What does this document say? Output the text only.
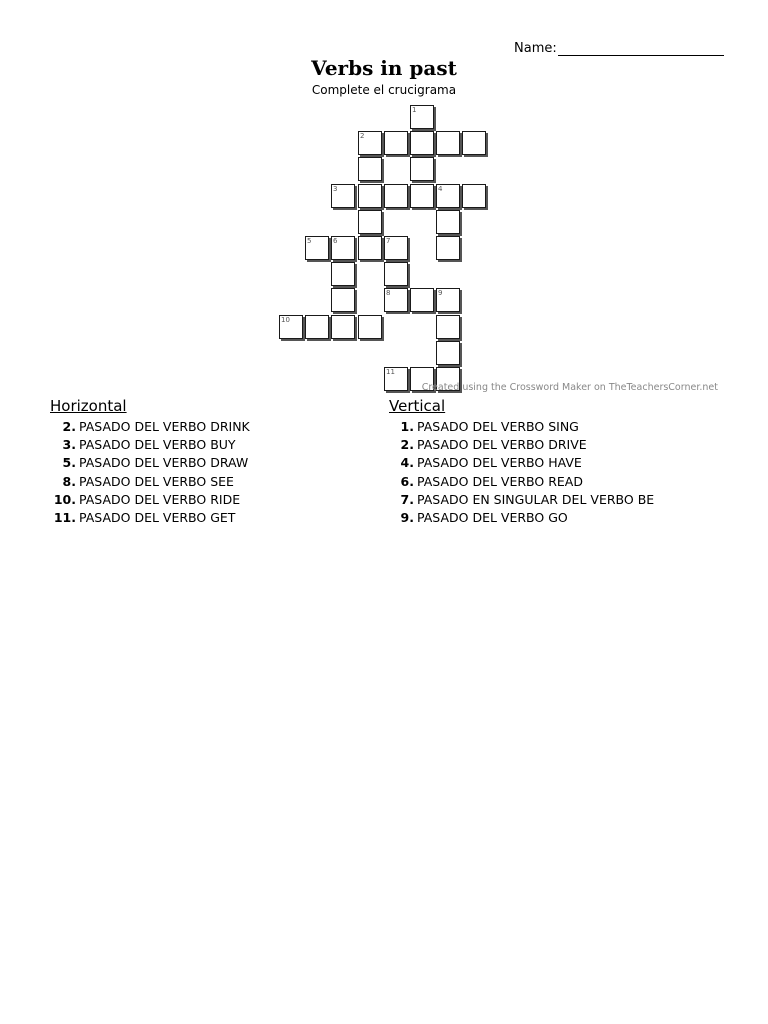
Name:
Verbs in past
Complete el crucigrama
1
2
3	4
5	6	7
8	9
10
11
Created using the Crossword Maker on TheTeachersCorner.net
Horizontal
2. PASADO DEL VERBO DRINK
3. PASADO DEL VERBO BUY
5. PASADO DEL VERBO DRAW
8. PASADO DEL VERBO SEE
10. PASADO DEL VERBO RIDE
11. PASADO DEL VERBO GET
Vertical
1. PASADO DEL VERBO SING
2. PASADO DEL VERBO DRIVE
4. PASADO DEL VERBO HAVE
6. PASADO DEL VERBO READ
7. PASADO EN SINGULAR DEL VERBO BE
9. PASADO DEL VERBO GO
